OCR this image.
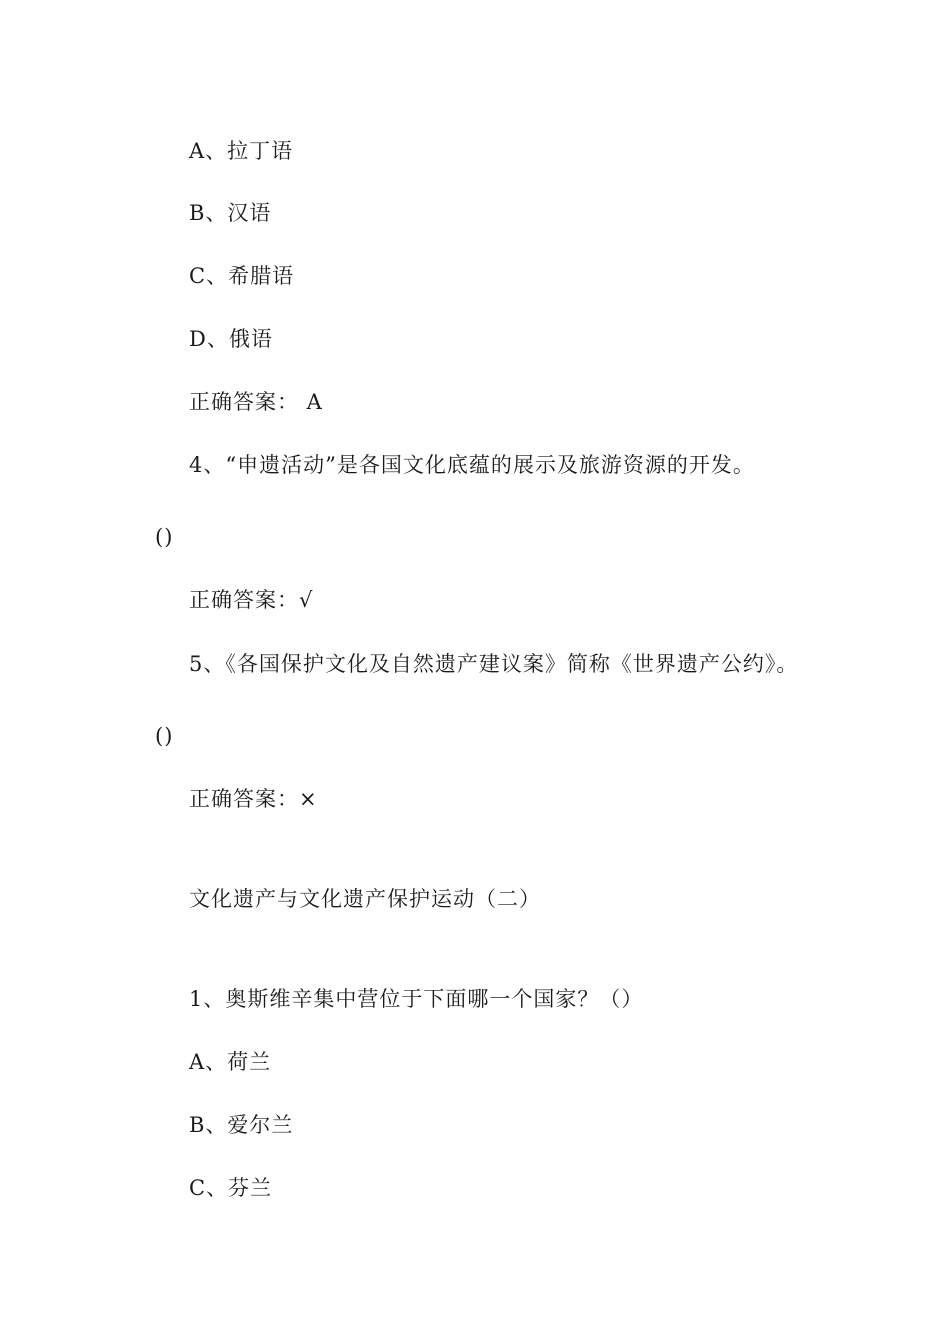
A、拉丁语
B、汉语
C、希腊语
D、俄语
正确答案： A
4、“申遗活动”是各国文化底蕴的展示及旅游资源的开发。
()
正确答案：√
5、《各国保护文化及自然遗产建议案》简称《世界遗产公约》。
()
正确答案：×
文化遗产与文化遗产保护运动（二）
1、奥斯维辛集中营位于下面哪一个国家？（）
A、荷兰
B、爱尔兰
C、芬兰
